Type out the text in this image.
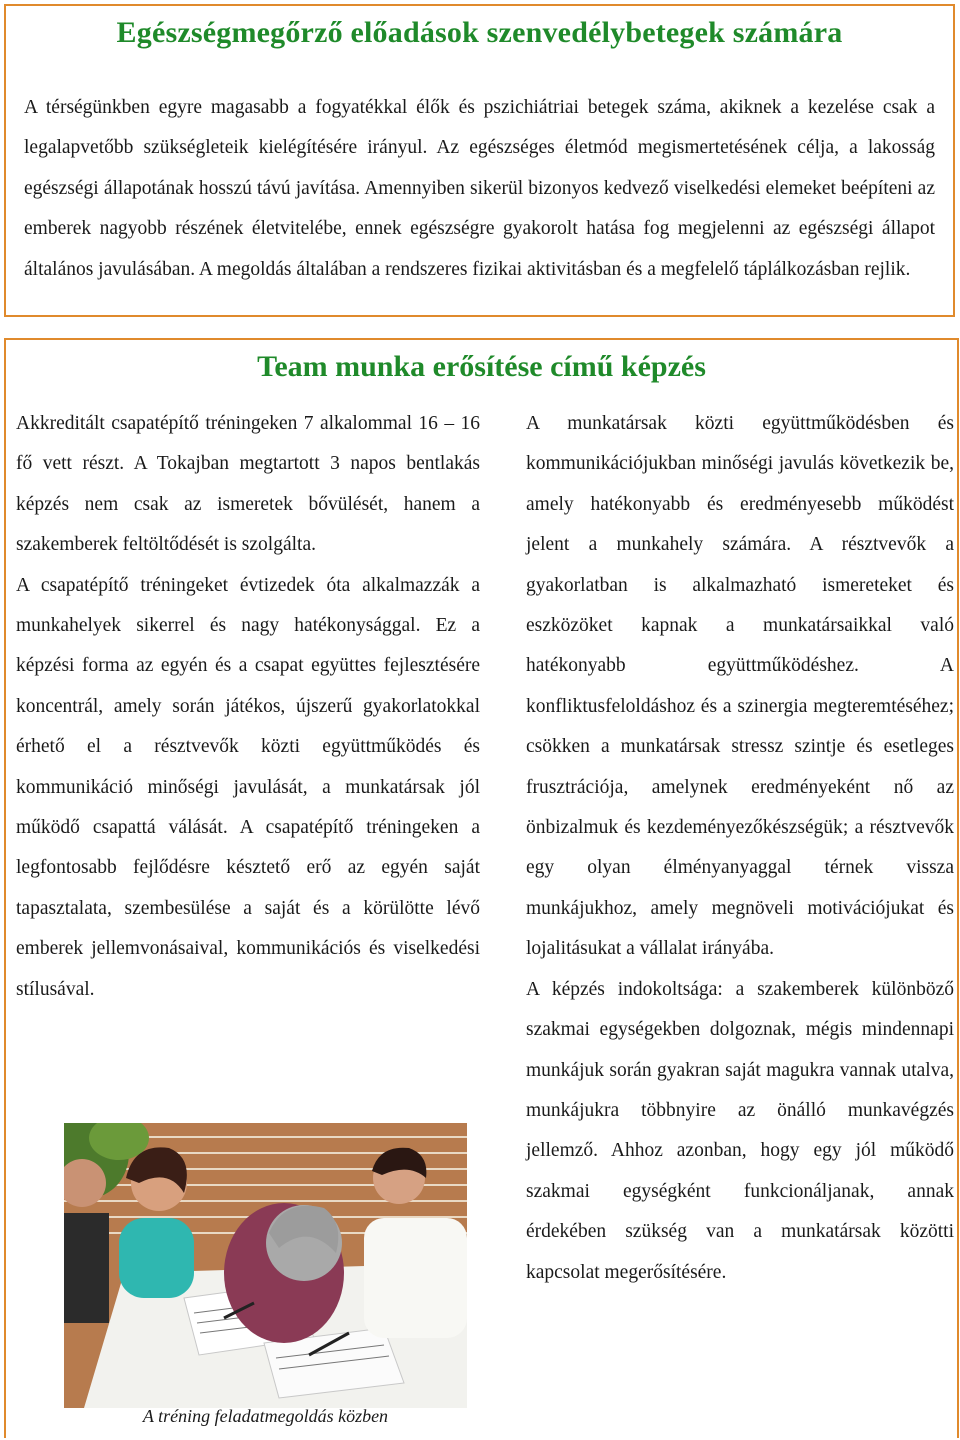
Egészségmegőrző előadások szenvedélybetegek számára

A térségünkben egyre magasabb a fogyatékkal élők és pszichiátriai betegek száma, akiknek a kezelése csak a legalapvetőbb szükségleteik kielégítésére irányul. Az egészséges életmód megismertetésének célja, a lakosság egészségi állapotának hosszú távú javítása. Amennyiben sikerül bizonyos kedvező viselkedési elemeket beépíteni az emberek nagyobb részének életvitelébe, ennek egészségre gyakorolt hatása fog megjelenni az egészségi állapot általános javulásában. A megoldás általában a rendszeres fizikai aktivitásban és a megfelelő táplálkozásban rejlik.

Team munka erősítése című képzés

Akkreditált csapatépítő tréningeken 7 alkalommal 16 – 16 fő vett részt. A Tokajban megtartott 3 napos bentlakás képzés nem csak az ismeretek bővülését, hanem a szakemberek feltöltődését is szolgálta.

A csapatépítő tréningeket évtizedek óta alkalmazzák a munkahelyek sikerrel és nagy hatékonysággal. Ez a képzési forma az egyén és a csapat együttes fejlesztésére koncentrál, amely során játékos, újszerű gyakorlatokkal érhető el a résztvevők közti együttműködés és kommunikáció minőségi javulását, a munkatársak jól működő csapattá válását. A csapatépítő tréningeken a legfontosabb fejlődésre késztető erő az egyén saját tapasztalata, szembesülése a saját és a körülötte lévő emberek jellemvonásaival, kommunikációs és viselkedési stílusával.

A munkatársak közti együttműködésben és kommunikációjukban minőségi javulás következik be, amely hatékonyabb és eredményesebb működést jelent a munkahely számára. A résztvevők a gyakorlatban is alkalmazható ismereteket és eszközöket kapnak a munkatársaikkal való hatékonyabb együttműködéshez. A konfliktusfeloldáshoz és a szinergia megteremtéséhez; csökken a munkatársak stressz szintje és esetleges frusztrációja, amelynek eredményeként nő az önbizalmuk és kezdeményezőkészségük; a résztvevők egy olyan élményanyaggal térnek vissza munkájukhoz, amely megnöveli motivációjukat és lojalitásukat a vállalat irányába.

A képzés indokoltsága: a szakemberek különböző szakmai egységekben dolgoznak, mégis mindennapi munkájuk során gyakran saját magukra vannak utalva, munkájukra többnyire az önálló munkavégzés jellemző. Ahhoz azonban, hogy egy jól működő szakmai egységként funkcionáljanak, annak érdekében szükség van a munkatársak közötti kapcsolat megerősítésére.

A tréning feladatmegoldás közben
